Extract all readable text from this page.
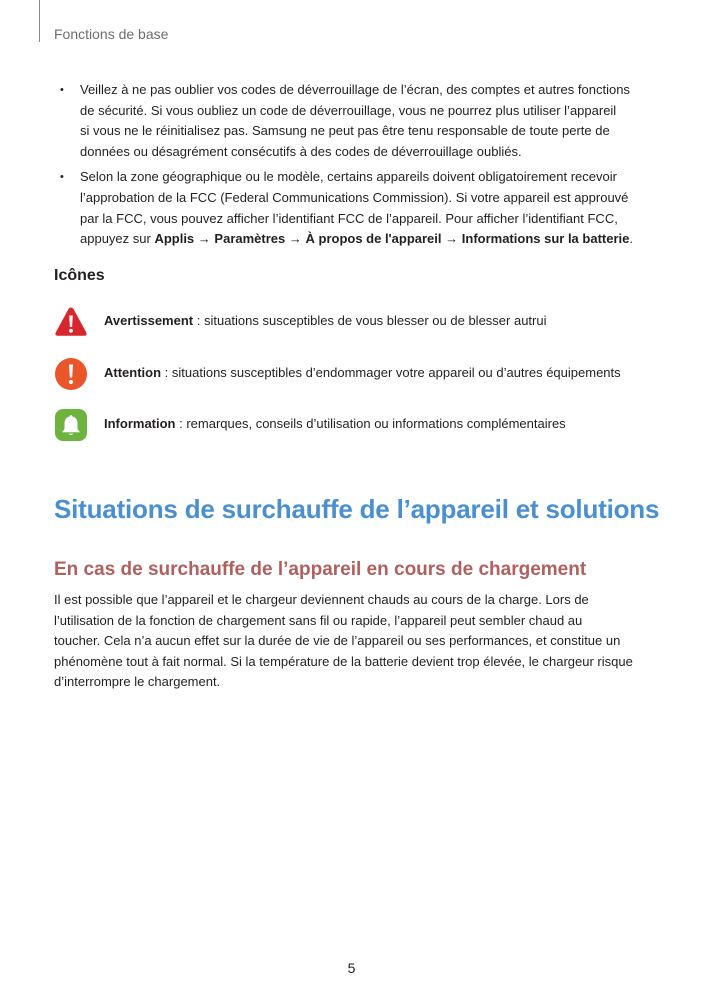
Fonctions de base
• Veillez à ne pas oublier vos codes de déverrouillage de l’écran, des comptes et autres fonctions
de sécurité. Si vous oubliez un code de déverrouillage, vous ne pourrez plus utiliser l’appareil
si vous ne le réinitialisez pas. Samsung ne peut pas être tenu responsable de toute perte de
données ou désagrément consécutifs à des codes de déverrouillage oubliés.
• Selon la zone géographique ou le modèle, certains appareils doivent obligatoirement recevoir
l’approbation de la FCC (Federal Communications Commission). Si votre appareil est approuvé
par la FCC, vous pouvez afficher l’identifiant FCC de l’appareil. Pour afficher l’identifiant FCC,
appuyez sur Applis → Paramètres → À propos de l'appareil → Informations sur la batterie.
Icônes
Avertissement : situations susceptibles de vous blesser ou de blesser autrui
Attention : situations susceptibles d’endommager votre appareil ou d’autres équipements
Information : remarques, conseils d’utilisation ou informations complémentaires
Situations de surchauffe de l’appareil et solutions
En cas de surchauffe de l’appareil en cours de chargement

Il est possible que l’appareil et le chargeur deviennent chauds au cours de la charge. Lors de
l’utilisation de la fonction de chargement sans fil ou rapide, l’appareil peut sembler chaud au
toucher. Cela n’a aucun effet sur la durée de vie de l’appareil ou ses performances, et constitue un
phénomène tout à fait normal. Si la température de la batterie devient trop élevée, le chargeur risque
d’interrompre le chargement.

5
